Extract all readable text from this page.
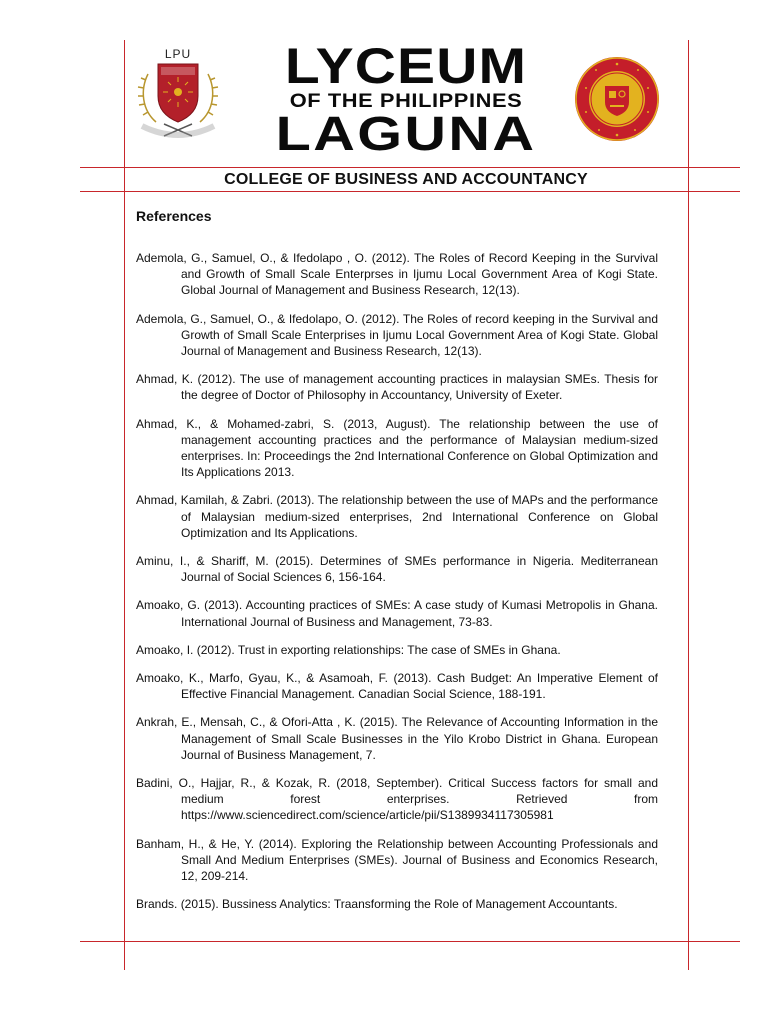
LPU	LYCEUM
OF THE PHILIPPINES
LAGUNA
COLLEGE OF BUSINESS AND ACCOUNTANCY
References

Ademola, G., Samuel, O., & Ifedolapo , O. (2012). The Roles of Record Keeping in the Survival and Growth of Small Scale Enterprses in Ijumu Local Government Area of Kogi State. Global Journal of Management and Business Research, 12(13).

Ademola, G., Samuel, O., & Ifedolapo, O. (2012). The Roles of record keeping in the Survival and Growth of Small Scale Enterprises in Ijumu Local Government Area of Kogi State. Global Journal of Management and Business Research, 12(13).

Ahmad, K. (2012). The use of management accounting practices in malaysian SMEs. Thesis for the degree of Doctor of Philosophy in Accountancy, University of Exeter.

Ahmad, K., & Mohamed-zabri, S. (2013, August). The relationship between the use of management accounting practices and the performance of Malaysian medium-sized enterprises. In: Proceedings the 2nd International Conference on Global Optimization and Its Applications 2013.

Ahmad, Kamilah, & Zabri. (2013). The relationship between the use of MAPs and the performance of Malaysian medium-sized enterprises, 2nd International Conference on Global Optimization and Its Applications.

Aminu, I., & Shariff, M. (2015). Determines of SMEs performance in Nigeria. Mediterranean Journal of Social Sciences 6, 156-164.

Amoako, G. (2013). Accounting practices of SMEs: A case study of Kumasi Metropolis in Ghana. International Journal of Business and Management, 73-83.

Amoako, I. (2012). Trust in exporting relationships: The case of SMEs in Ghana.

Amoako, K., Marfo, Gyau, K., & Asamoah, F. (2013). Cash Budget: An Imperative Element of Effective Financial Management. Canadian Social Science, 188-191.

Ankrah, E., Mensah, C., & Ofori-Atta , K. (2015). The Relevance of Accounting Information in the Management of Small Scale Businesses in the Yilo Krobo District in Ghana. European Journal of Business Management, 7.

Badini, O., Hajjar, R., & Kozak, R. (2018, September). Critical Success factors for small and medium forest enterprises. Retrieved from https://www.sciencedirect.com/science/article/pii/S1389934117305981

Banham, H., & He, Y. (2014). Exploring the Relationship between Accounting Professionals and Small And Medium Enterprises (SMEs). Journal of Business and Economics Research, 12, 209-214.

Brands. (2015). Bussiness Analytics: Traansforming the Role of Management Accountants.
